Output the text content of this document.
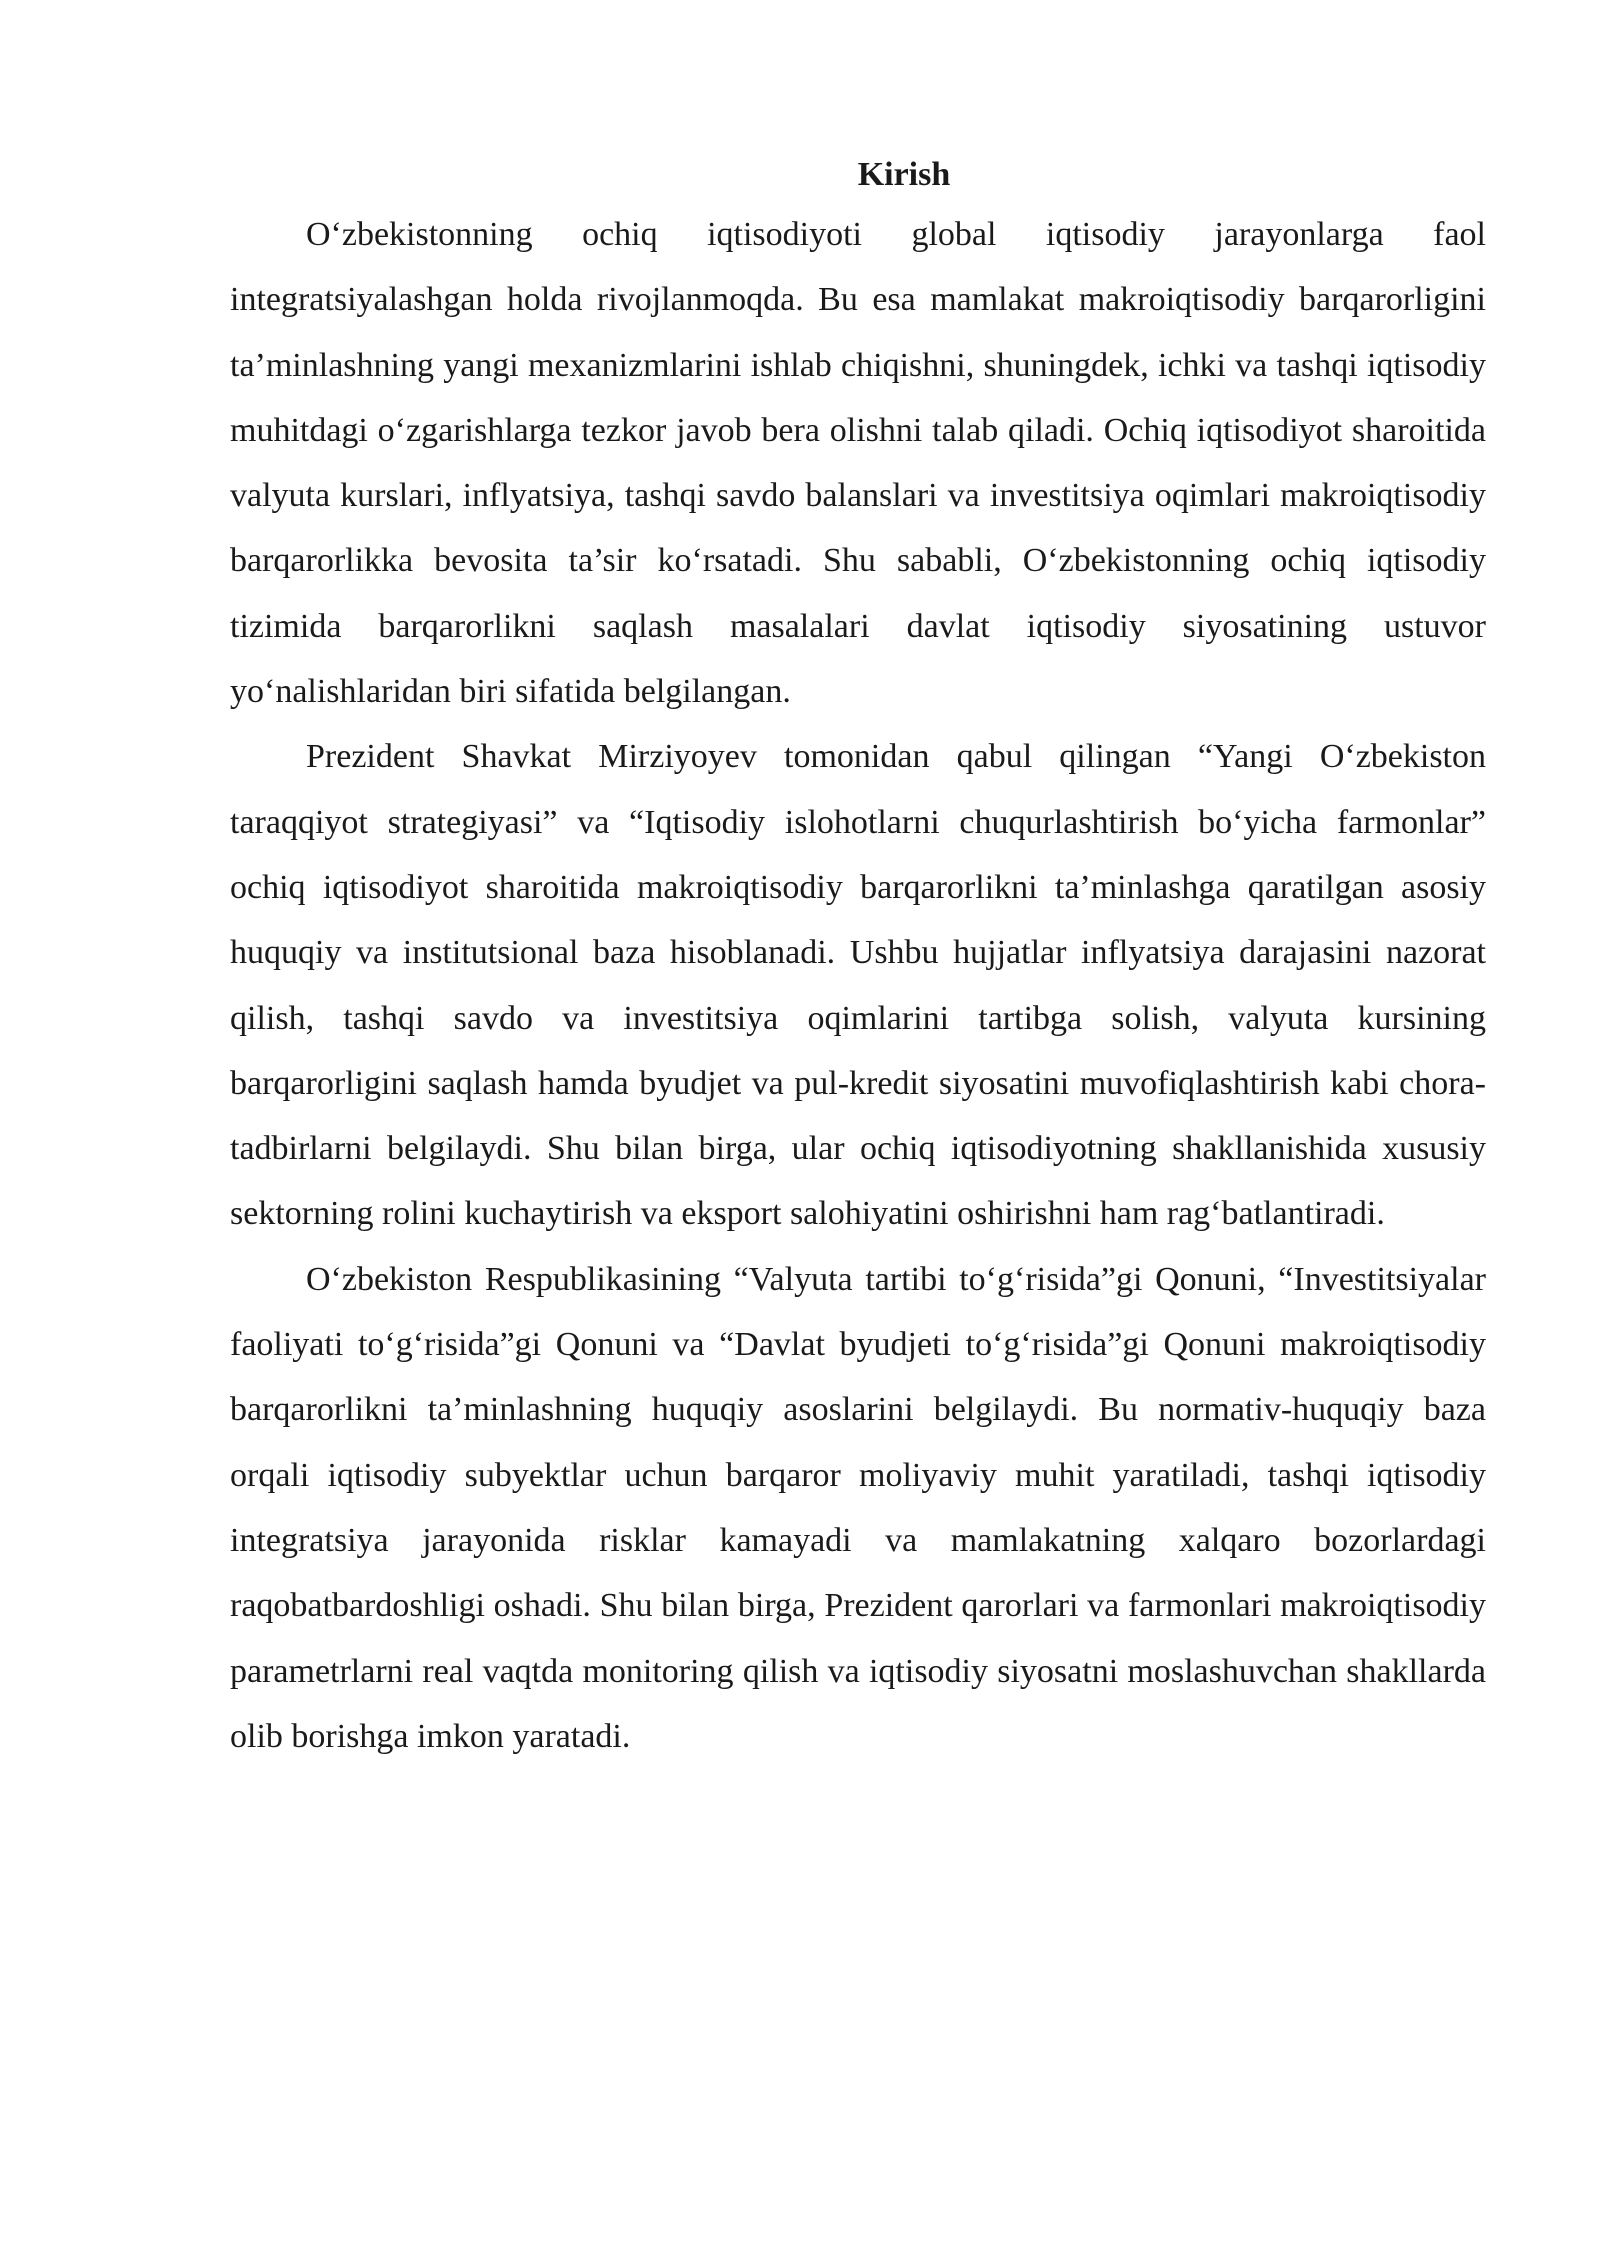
Kirish

O‘zbekistonning ochiq iqtisodiyoti global iqtisodiy jarayonlarga faol integratsiyalashgan holda rivojlanmoqda. Bu esa mamlakat makroiqtisodiy barqarorligini ta’minlashning yangi mexanizmlarini ishlab chiqishni, shuningdek, ichki va tashqi iqtisodiy muhitdagi o‘zgarishlarga tezkor javob bera olishni talab qiladi. Ochiq iqtisodiyot sharoitida valyuta kurslari, inflyatsiya, tashqi savdo balanslari va investitsiya oqimlari makroiqtisodiy barqarorlikka bevosita ta’sir ko‘rsatadi. Shu sababli, O‘zbekistonning ochiq iqtisodiy tizimida barqarorlikni saqlash masalalari davlat iqtisodiy siyosatining ustuvor yo‘nalishlaridan biri sifatida belgilangan.

Prezident Shavkat Mirziyoyev tomonidan qabul qilingan “Yangi O‘zbekiston taraqqiyot strategiyasi” va “Iqtisodiy islohotlarni chuqurlashtirish bo‘yicha farmonlar” ochiq iqtisodiyot sharoitida makroiqtisodiy barqarorlikni ta’minlashga qaratilgan asosiy huquqiy va institutsional baza hisoblanadi. Ushbu hujjatlar inflyatsiya darajasini nazorat qilish, tashqi savdo va investitsiya oqimlarini tartibga solish, valyuta kursining barqarorligini saqlash hamda byudjet va pul-kredit siyosatini muvofiqlashtirish kabi chora-tadbirlarni belgilaydi. Shu bilan birga, ular ochiq iqtisodiyotning shakllanishida xususiy sektorning rolini kuchaytirish va eksport salohiyatini oshirishni ham rag‘batlantiradi.

O‘zbekiston Respublikasining “Valyuta tartibi to‘g‘risida”gi Qonuni, “Investitsiyalar faoliyati to‘g‘risida”gi Qonuni va “Davlat byudjeti to‘g‘risida”gi Qonuni makroiqtisodiy barqarorlikni ta’minlashning huquqiy asoslarini belgilaydi. Bu normativ-huquqiy baza orqali iqtisodiy subyektlar uchun barqaror moliyaviy muhit yaratiladi, tashqi iqtisodiy integratsiya jarayonida risklar kamayadi va mamlakatning xalqaro bozorlardagi raqobatbardoshligi oshadi. Shu bilan birga, Prezident qarorlari va farmonlari makroiqtisodiy parametrlarni real vaqtda monitoring qilish va iqtisodiy siyosatni moslashuvchan shakllarda olib borishga imkon yaratadi.
